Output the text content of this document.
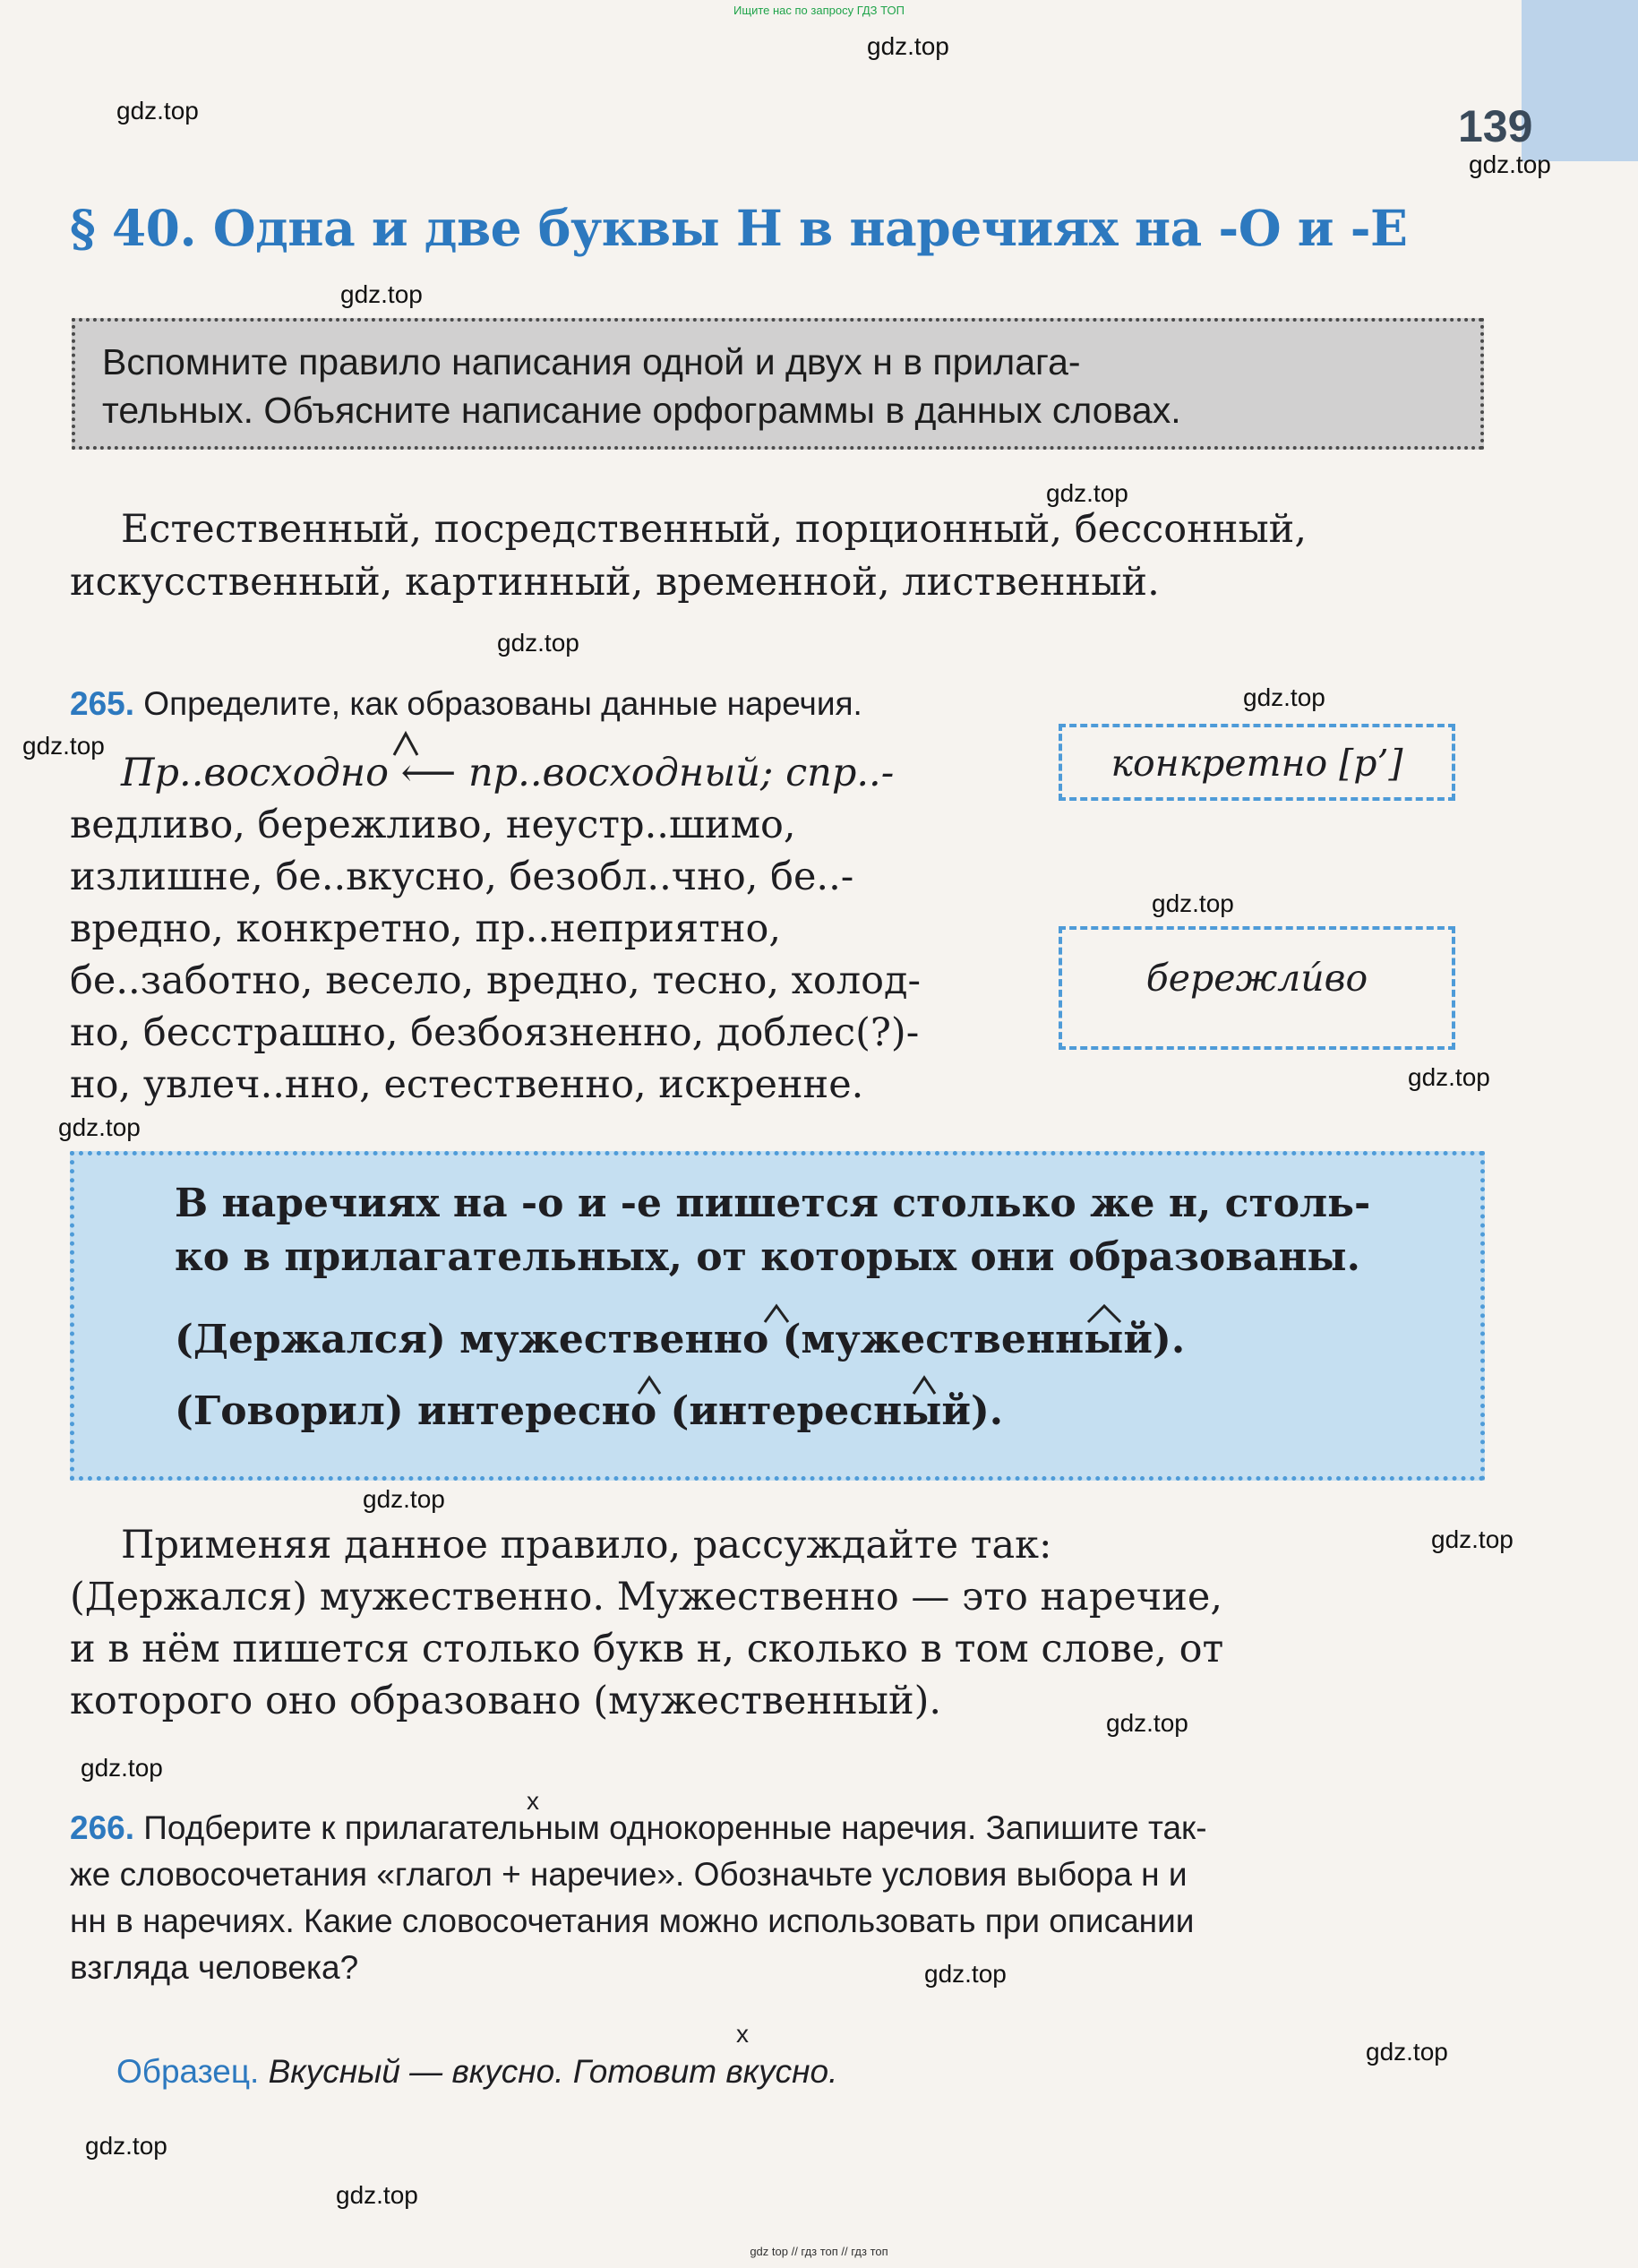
Ищите нас по запросу ГДЗ ТОП
139
gdz.top
gdz.top
gdz.top
gdz.top
gdz.top
gdz.top
gdz.top
gdz.top
gdz.top
gdz.top
gdz.top
gdz.top
gdz.top
gdz.top
gdz.top
gdz.top
gdz.top
gdz.top
gdz.top
§ 40. Одна и две буквы Н в наречиях на -О и -Е
Вспомните правило написания одной и двух н в прилага-
тельных. Объясните написание орфограммы в данных словах.
Естественный, посредственный, порционный, бессонный,
искусственный, картинный, временной, лиственный.
265. Определите, как образованы данные наречия.
Пр..восходно ⟵ пр..восходный; спр..-
ведливо, бережливо, неустр..шимо,
излишне, бе..вкусно, безобл..чно, бе..-
вредно, конкретно, пр..неприятно,
бе..заботно, весело, вредно, тесно, холод-
но, бесстрашно, безбоязненно, доблес(?)-
но, увлеч..нно, естественно, искренне.
конкретно [р’]
бережли́во
В наречиях на -о и -е пишется столько же н, столь-
ко в прилагательных, от которых они образованы.
(Держался) мужественно (мужественный).
(Говорил) интересно (интересный).
Применяя данное правило, рассуждайте так:
(Держался) мужественно. Мужественно — это наречие,
и в нём пишется столько букв н, сколько в том слове, от
которого оно образовано (мужественный).
x
266. Подберите к прилагательным однокоренные наречия. Запишите так-
же словосочетания «глагол + наречие». Обозначьте условия выбора н и
нн в наречиях. Какие словосочетания можно использовать при описании
взгляда человека?
x
Образец. Вкусный — вкусно. Готовит вкусно.
gdz top // гдз топ // гдз топ
